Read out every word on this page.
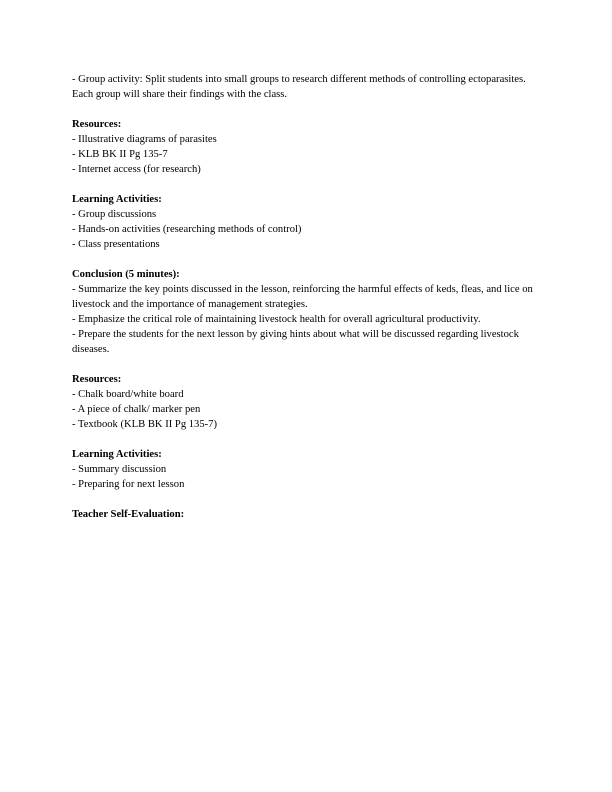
- Group activity: Split students into small groups to research different methods of controlling ectoparasites. Each group will share their findings with the class.

Resources:
- Illustrative diagrams of parasites
- KLB BK II Pg 135-7
- Internet access (for research)
Learning Activities:
- Group discussions
- Hands-on activities (researching methods of control)
- Class presentations
Conclusion (5 minutes):
- Summarize the key points discussed in the lesson, reinforcing the harmful effects of keds, fleas, and lice on livestock and the importance of management strategies.
- Emphasize the critical role of maintaining livestock health for overall agricultural productivity.
- Prepare the students for the next lesson by giving hints about what will be discussed regarding livestock diseases.
Resources:
- Chalk board/white board
- A piece of chalk/ marker pen
- Textbook (KLB BK II Pg 135-7)
Learning Activities:
- Summary discussion
- Preparing for next lesson
Teacher Self-Evaluation:
